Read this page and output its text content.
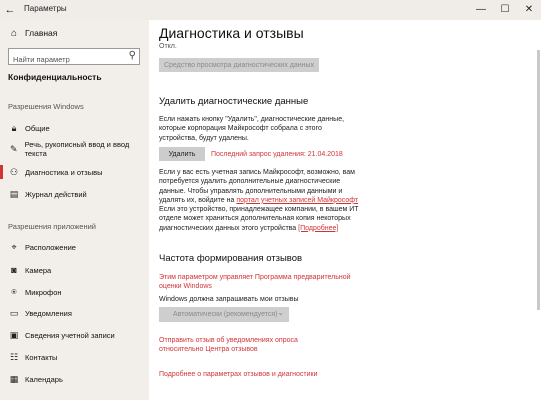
←	Параметры	—	☐	✕
⌂ Главная
Найти параметр
⚲
Конфиденциальность
Разрешения Windows
🔒︎	Общие
✎ Речь, рукописный ввод и ввод текста
⚇ Диагностика и отзывы
▤ Журнал действий
Разрешения приложений
⌖	Расположение
◙	Камера
⍟	Микрофон
▭ Уведомления
▣ Сведения учетной записи
☷ Контакты
▦ Календарь
Диагностика и отзывы
Откл.
Средство просмотра диагностических данных
Удалить диагностические данные
Если нажать кнопку "Удалить", диагностические данные, которые корпорация Майкрософт собрала с этого устройства, будут удалены.
Удалить	Последний запрос удаления: 21.04.2018
Если у вас есть учетная запись Майкрософт, возможно, вам потребуется удалить дополнительные диагностические данные. Чтобы управлять дополнительными данными и удалять их, войдите на портал учетных записей Майкрософт
Если это устройство, принадлежащее компании, в вашем ИТ отделе может храниться дополнительная копия некоторых диагностических данных этого устройства [Подробнее]
Частота формирования отзывов
Этим параметром управляет Программа предварительной оценки Windows
Windows должна запрашивать мои отзывы
Автоматически (рекомендуется) ⌄
Отправить отзыв об уведомлениях опроса относительно Центра отзывов
Подробнее о параметрах отзывов и диагностики
